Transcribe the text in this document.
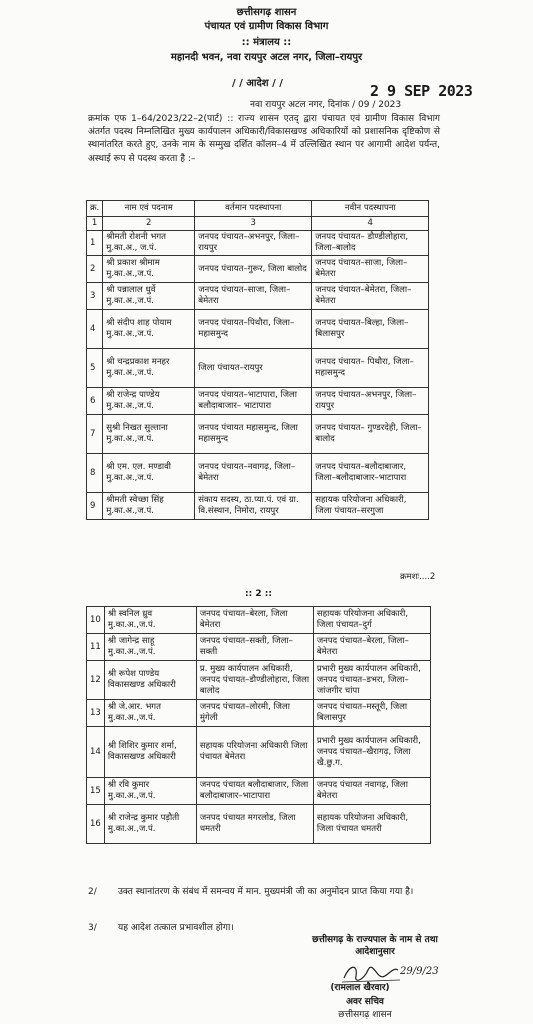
छत्तीसगढ़ शासन
पंचायत एवं ग्रामीण विकास विभाग
:: मंत्रालय ::
महानदी भवन, नवा रायपुर अटल नगर, जिला–रायपुर
/ / आदेश / /	2 9 SEP 2023
नवा रायपुर अटल नगर, दिनांक / 09 / 2023
क्रमांक एफ 1–64/2023/22–2(पार्ट) :: राज्य शासन एतद् द्वारा पंचायत एवं ग्रामीण विकास विभाग अंतर्गत पदस्थ निम्नलिखित मुख्य कार्यपालन अधिकारी/विकासखण्ड अधिकारियों को प्रशासनिक दृष्टिकोण से स्थानांतरित करते हुए, उनके नाम के सम्मुख दर्शित कॉलम–4 में उल्लिखित स्थान पर आगामी आदेश पर्यन्त, अस्थाई रूप से पदस्थ करता है :–
क्र.	नाम एवं पदनाम	वर्तमान पदस्थापना	नवीन पदस्थापना
1	2	3	4
1	श्रीमती रोशनी भगत मु.का.अ., ज.पं.	जनपद पंचायत–अभनपुर, जिला–रायपुर	जनपद पंचायत– डौण्डीलोहारा, जिला–बालोद
2	श्री प्रकाश श्रीमाम मु.का.अ.,ज.पं.	जनपद पंचायत–गुरूर, जिला बालोद	जनपद पंचायत–साजा, जिला–बेमेतरा
3	श्री पन्नालाल धुर्वे मु.का.अ.,ज.पं.	जनपद पंचायत–साजा, जिला–बेमेतरा	जनपद पंचायत–बेमेतरा, जिला–बेमेतरा
4	श्री संदीप शाह पोयाम मु.का.अ.,ज.पं.	जनपद पंचायत–पिथौरा, जिला–महासमुन्द	जनपद पंचायत–बिल्हा, जिला–बिलासपुर
5	श्री चन्द्रप्रकाश मनहर मु.का.अ.,ज.पं.	जिला पंचायत–रायपुर	जनपद पंचायत– पिथौरा, जिला–महासमुन्द
6	श्री राजेन्द्र पाण्डेय मु.का.अ.,ज.पं.	जनपद पंचायत–भाटापारा, जिला बलौदाबाजार– भाटापारा	जनपद पंचायत–अभनपुर, जिला–रायपुर
7	सुश्री निखत सुल्ताना मु.का.अ.,ज.पं.	जनपद पंचायत महासमुन्द, जिला महासमुन्द	जनपद पंचायत– गुण्डरदेही, जिला–बालोद
8	श्री एम. एल. मण्डावी मु.का.अ.,ज.पं.	जनपद पंचायत–नवागढ़, जिला–बेमेतरा	जनपद पंचायत–बलौदाबाजार, जिला–बलौदाबाजार–भाटापारा
9	श्रीमती स्वेच्छा सिंह मु.का.अ.,ज.पं.	संकाय सदस्य, ठा.प्या.पं. एवं ग्रा. वि.संस्थान, निमोरा, रायपुर	सहायक परियोजना अधिकारी, जिला पंचायत–सरगुजा
क्रमशः....2
:: 2 ::
10	श्री स्वनिल ध्रुव मु.का.अ.,ज.पं.	जनपद पंचायत–बेरला, जिला बेमेतरा	सहायक परियोजना अधिकारी, जिला पंचायत–दुर्ग
11	श्री जागेन्द्र साहू मु.का.अ.,ज.पं.	जनपद पंचायत–सक्ती, जिला–सक्ती	जनपद पंचायत–बेरला, जिला–बेमेतरा
12	श्री रूपेश पाण्डेय विकासखण्ड अधिकारी	प्र. मुख्य कार्यपालन अधिकारी, जनपद पंचायत–डौण्डीलोहारा, जिला बालोद	प्रभारी मुख्य कार्यपालन अधिकारी, जनपद पंचायत–डभरा, जिला–जांजगीर चांपा
13	श्री जे.आर. भगत मु.का.अ.,ज.पं.	जनपद पंचायत–लोरमी, जिला मुंगेली	जनपद पंचायत–मस्तूरी, जिला बिलासपुर
14	श्री शिशिर कुमार शर्मा, विकासखण्ड अधिकारी	सहायक परियोजना अधिकारी जिला पंचायत बेमेतरा	प्रभारी मुख्य कार्यपालन अधिकारी, जनपद पंचायत–खैरागढ़, जिला खै.छु.ग.
15	श्री रवि कुमार मु.का.अ.,ज.पं.	जनपद पंचायत बलौदाबाजार, जिला बलौदाबाजार–भाटापारा	जनपद पंचायत नवागढ़, जिला बेमेतरा
16	श्री राजेन्द्र कुमार पड़ौती मु.का.अ.,ज.पं.	जनपद पंचायत मगरलोड, जिला धमतरी	सहायक परियोजना अधिकारी, जिला पंचायत धमतरी
2/ उक्त स्थानांतरण के संबंध में समन्वय में मान. मुख्यमंत्री जी का अनुमोदन प्राप्त किया गया है।
3/ यह आदेश तत्काल प्रभावशील होगा।
छत्तीसगढ़ के राज्यपाल के नाम से तथा
आदेशानुसार
29/9/23
(रामलाल खैरवार)
अवर सचिव
छत्तीसगढ़ शासन
